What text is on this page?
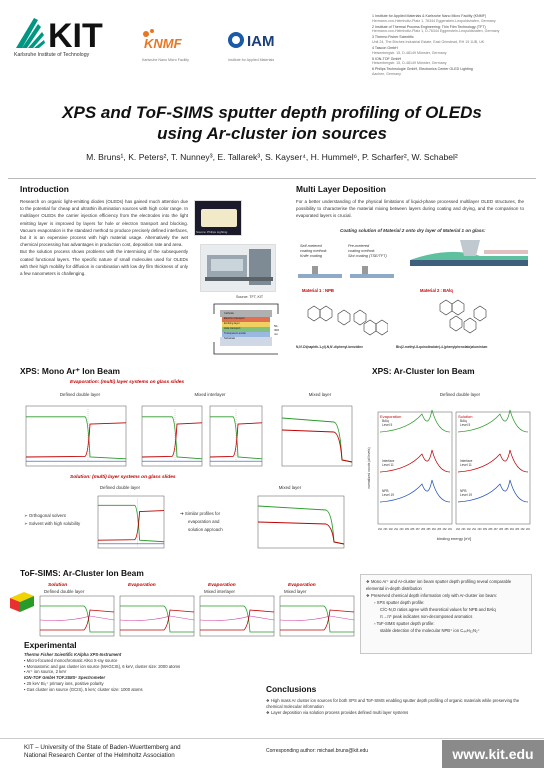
KIT
Karlsruhe Institute of Technology
KNMF
Karlsruhe Nano Micro Facility
IAM
Institute for Applied Materials
1 Institute for Applied Materials & Karlsruhe Nano Micro Facility (KNMF)
Hermann-von-Helmholtz-Platz 1, 76344 Eggenstein-Leopoldshafen, Germany
2 Institute of Thermal Process Engineering: Thin Film Technology (TFT)
Hermann-von-Helmholtz-Platz 1, D-76344 Eggenstein-Leopoldshafen, Germany
3 Thermo Fisher Scientific
Unit 24, The Birches Industrial Estate, East Grinstead, RH 19 1UB, UK
4 Tascon GmbH
Heisenbergstr. 15, D-48149 Münster, Germany
5 ION-TOF GmbH
Heisenbergstr. 15, D-48149 Münster, Germany
6 Philips Technologie GmbH, Electronics Center OLED Lighting
Aachen, Germany
XPS and ToF-SIMS sputter depth profiling of OLEDs
using Ar-cluster ion sources
M. Bruns¹, K. Peters², T. Nunney³, E. Tallarek³, S. Kayser⁴, H. Hummel⁶, P. Scharfer², W. Schabel²
Introduction

Research on organic light-emitting diodes (OLEDs) has gained much attention due to the potential for cheap and ultrathin illumination sources with high color range. In multilayer OLEDs the carrier injection efficiency from the electrodes into the light emitting layer is improved by layers for hole or electron transport and blocking. Vacuum evaporation is the standard method to produce precisely defined interfaces, but it is an expensive process with high material usage. Alternatively the wet chemical processing has advantages in production cost, deposition rate and area.

But the solution process shows problems with the intermixing of the subsequently coated functional layers. The specific nature of small molecules used for OLEDs with their high mobility for diffusion in combination with low dry film thickness of only a few nanometers is challenging.

Source: Philips Lighting
Source: TFT, KIT
Cathode
Electron transport
Emitting layer
Hole transport
Transparent anode
Substrate
50-300 nm
Multi Layer Deposition
For a better understanding of the physical limitations of liquid-phase processed multilayer OLED structures, the possibility to characterise the material mixing between layers during coating and drying, and the comparison to evaporated layers is crucial.
Coating solution of Material 2 onto dry layer of Material 1 on glass:
Self-metered
coating method:
Knife coating
Pre-metered
coating method:
Slot coating (TSE/TFT)
Material 1 : NPB	Material 2 : BAlq
N,N'-Di(naphth-1-yl)-N,N'-diphenyl-benzidine	Bis(2-methyl-8-quinolinolate)-4-(phenylphenolato)aluminium
XPS: Mono Ar⁺ Ion Beam
Evaporation: (multi) layer systems on glass slides
Defined double layer	Mixed interlayer	Mixed layer
Solution: (multi) layer systems on glass slides
Defined double layer	Mixed layer
➢ Orthogonal solvent
➢ Solvent with high solubility
➔ Similar profiles for
evaporation and
solution approach
XPS: Ar-Cluster Ion Beam
Defined double layer
Evaporation	Solution
BAlq
Level 5
Interface
Level 11
NPB
Level 19
294 293 292 291 290 289 288 287 286 285 284 283 282 281
BAlq
Level 5
Interface
Level 11
NPB
Level 19
294 293 292 291 290 289 288 287 286 285 284 283 282 281
binding energy [eV]
normalized counts (all levels)
ToF-SIMS: Ar-Cluster Ion Beam
Solution
Defined double layer
Evaporation	Evaporation
Mixed interlayer
Evaporation
Mixed layer
❖ Mono Ar⁺ and Ar-cluster ion beam sputter depth profiling reveal comparable elemental in-depth distribution
❖ Preserved chemical depth information only with Ar-cluster ion beam:
▫ XPS sputter depth profile:
C/C-N,O ratios agree with theoretical values for NPB and BAlq
π→π* peak indicates non-decomposed aromatics
▫ ToF-SIMS sputter depth profile:
stable detection of the molecular NPB⁺ ion C₄₄H₃₂N₂⁺
Experimental
Thermo Fisher Scientific KAlpha XPS-Instrument
▪ Micro-focused monochromatic AlKα X-ray source
▪ Monoatomic and gas cluster ion source (MAGCIS), 6 keV, cluster size: 2000 atoms
▪ Ar⁺ ion source, 2 keV
ION-TOF GmbH TOF.SIMS⁵ Spectrometer
▪ 25 keV Bi₃⁺ primary ions, positive polarity
▪ Gas cluster ion source (GCIS), 5 keV, cluster size: 1000 atoms	Conclusions
❖ High mass Ar cluster ion sources for both XPS and ToF-SIMS enabling sputter depth profiling of organic materials while preserving the chemical molecular information
❖ Layer deposition via solution process provides defined multi layer systems
KIT – University of the State of Baden-Wuerttemberg and
National Research Center of the Helmholtz Association
Corresponding author: michael.bruns@kit.edu	www.kit.edu
